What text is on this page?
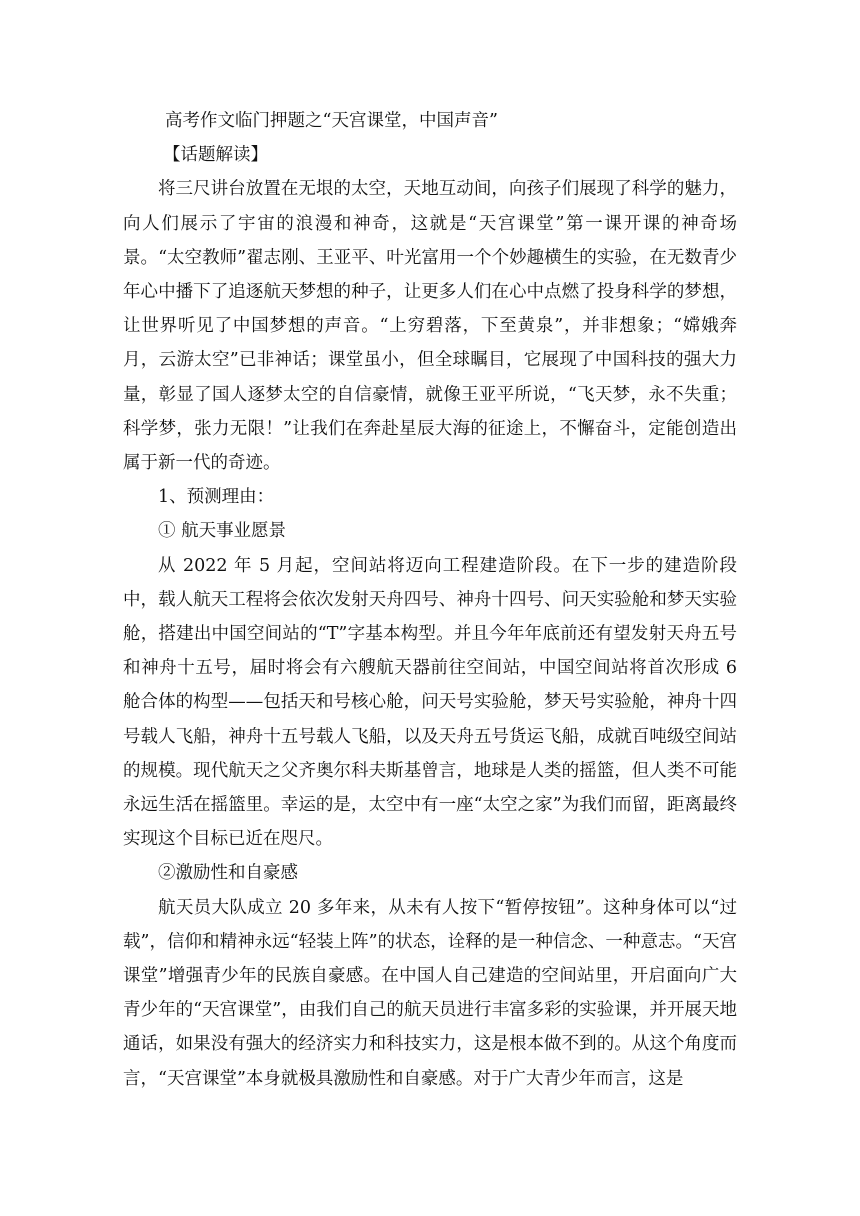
高考作文临门押题之“天宫课堂，中国声音”

【话题解读】

将三尺讲台放置在无垠的太空，天地互动间，向孩子们展现了科学的魅力，向人们展示了宇宙的浪漫和神奇，这就是“天宫课堂”第一课开课的神奇场景。“太空教师”翟志刚、王亚平、叶光富用一个个妙趣横生的实验，在无数青少年心中播下了追逐航天梦想的种子，让更多人们在心中点燃了投身科学的梦想，让世界听见了中国梦想的声音。“上穷碧落，下至黄泉”，并非想象；“嫦娥奔月，云游太空”已非神话；课堂虽小，但全球瞩目，它展现了中国科技的强大力量，彰显了国人逐梦太空的自信豪情，就像王亚平所说，“飞天梦，永不失重；科学梦，张力无限！”让我们在奔赴星辰大海的征途上，不懈奋斗，定能创造出属于新一代的奇迹。

1、预测理由：

① 航天事业愿景

从 2022 年 5 月起，空间站将迈向工程建造阶段。在下一步的建造阶段中，载人航天工程将会依次发射天舟四号、神舟十四号、问天实验舱和梦天实验舱，搭建出中国空间站的“T”字基本构型。并且今年年底前还有望发射天舟五号和神舟十五号，届时将会有六艘航天器前往空间站，中国空间站将首次形成 6 舱合体的构型——包括天和号核心舱，问天号实验舱，梦天号实验舱，神舟十四号载人飞船，神舟十五号载人飞船，以及天舟五号货运飞船，成就百吨级空间站的规模。现代航天之父齐奥尔科夫斯基曾言，地球是人类的摇篮，但人类不可能永远生活在摇篮里。幸运的是，太空中有一座“太空之家”为我们而留，距离最终实现这个目标已近在咫尺。

②激励性和自豪感

航天员大队成立 20 多年来，从未有人按下“暂停按钮”。这种身体可以“过载”，信仰和精神永远“轻装上阵”的状态，诠释的是一种信念、一种意志。“天宫课堂”增强青少年的民族自豪感。在中国人自己建造的空间站里，开启面向广大青少年的“天宫课堂”，由我们自己的航天员进行丰富多彩的实验课，并开展天地通话，如果没有强大的经济实力和科技实力，这是根本做不到的。从这个角度而言，“天宫课堂”本身就极具激励性和自豪感。对于广大青少年而言，这是
